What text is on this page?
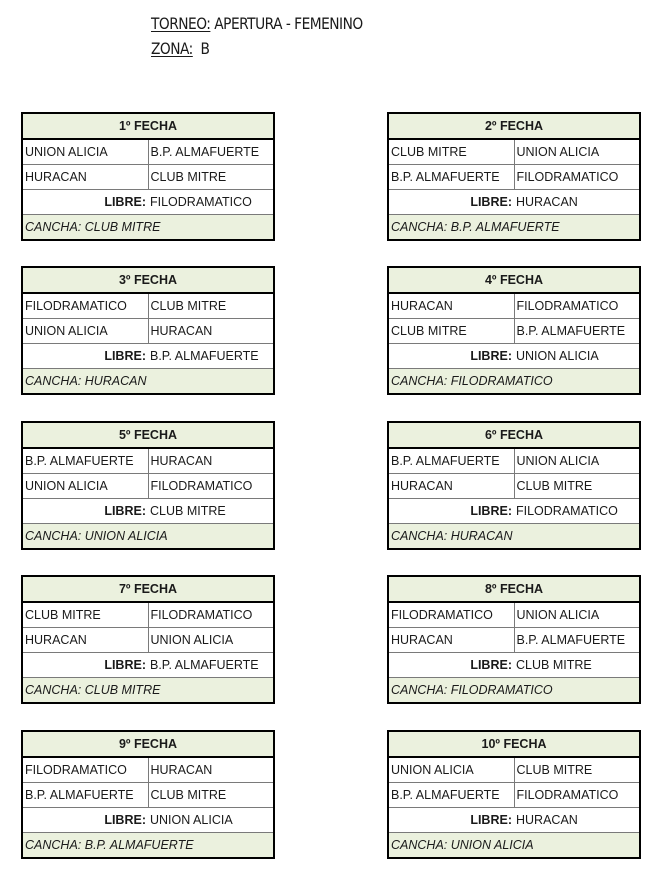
TORNEO: APERTURA - FEMENINO
ZONA: B
1º FECHA
UNION ALICIA	B.P. ALMAFUERTE
HURACAN	CLUB MITRE
LIBRE: FILODRAMATICO
CANCHA: CLUB MITRE
2º FECHA
CLUB MITRE	UNION ALICIA
B.P. ALMAFUERTE	FILODRAMATICO
LIBRE: HURACAN
CANCHA: B.P. ALMAFUERTE
3º FECHA
FILODRAMATICO	CLUB MITRE
UNION ALICIA	HURACAN
LIBRE: B.P. ALMAFUERTE
CANCHA: HURACAN
4º FECHA
HURACAN	FILODRAMATICO
CLUB MITRE	B.P. ALMAFUERTE
LIBRE: UNION ALICIA
CANCHA: FILODRAMATICO
5º FECHA
B.P. ALMAFUERTE	HURACAN
UNION ALICIA	FILODRAMATICO
LIBRE: CLUB MITRE
CANCHA: UNION ALICIA
6º FECHA
B.P. ALMAFUERTE	UNION ALICIA
HURACAN	CLUB MITRE
LIBRE: FILODRAMATICO
CANCHA: HURACAN
7º FECHA
CLUB MITRE	FILODRAMATICO
HURACAN	UNION ALICIA
LIBRE: B.P. ALMAFUERTE
CANCHA: CLUB MITRE
8º FECHA
FILODRAMATICO	UNION ALICIA
HURACAN	B.P. ALMAFUERTE
LIBRE: CLUB MITRE
CANCHA: FILODRAMATICO
9º FECHA
FILODRAMATICO	HURACAN
B.P. ALMAFUERTE	CLUB MITRE
LIBRE: UNION ALICIA
CANCHA: B.P. ALMAFUERTE
10º FECHA
UNION ALICIA	CLUB MITRE
B.P. ALMAFUERTE	FILODRAMATICO
LIBRE: HURACAN
CANCHA: UNION ALICIA
